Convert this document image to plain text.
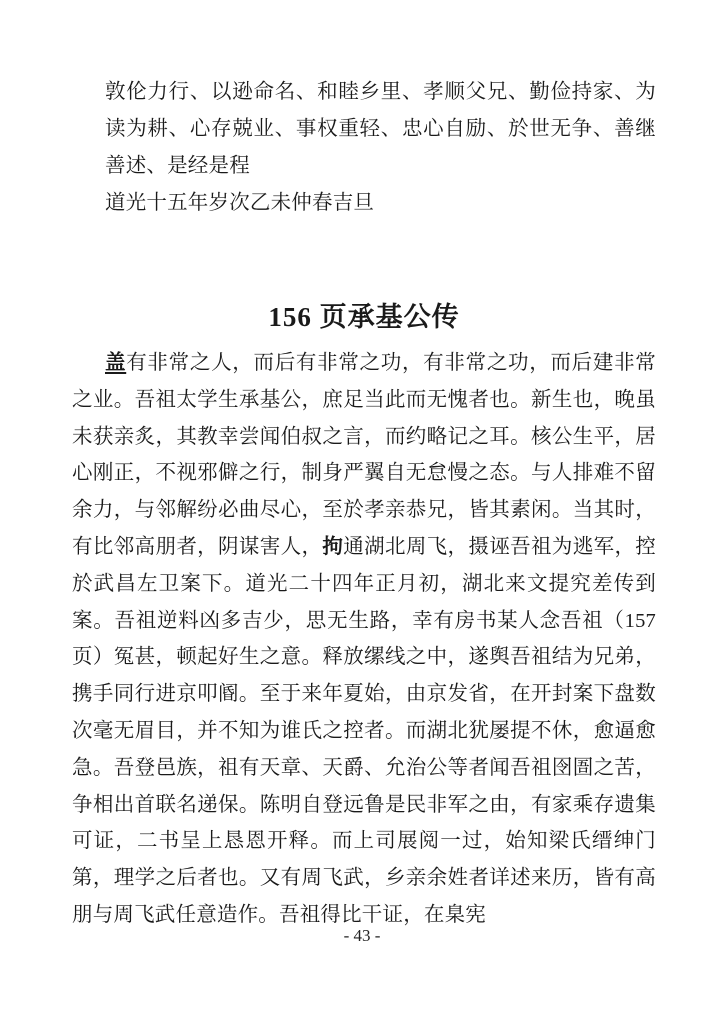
敦伦力行、以逊命名、和睦乡里、孝顺父兄、勤俭持家、为读为耕、心存兢业、事权重轻、忠心自励、於世无争、善继善述、是经是程

道光十五年岁次乙未仲春吉旦

156 页承基公传

盖有非常之人，而后有非常之功，有非常之功，而后建非常之业。吾祖太学生承基公，庶足当此而无愧者也。新生也，晚虽未获亲炙，其教幸尝闻伯叔之言，而约略记之耳。核公生平，居心刚正，不视邪僻之行，制身严翼自无怠慢之态。与人排难不留余力，与邻解纷必曲尽心，至於孝亲恭兄，皆其素闲。当其时，有比邻高朋者，阴谋害人，拘通湖北周飞，摄诬吾祖为逃军，控於武昌左卫案下。道光二十四年正月初，湖北来文提究差传到案。吾祖逆料凶多吉少，思无生路，幸有房书某人念吾祖（157 页）冤甚，顿起好生之意。释放缧线之中，遂舆吾祖结为兄弟，携手同行进京叩阍。至于来年夏始，由京发省，在开封案下盘数次毫无眉目，并不知为谁氏之控者。而湖北犹屡提不休，愈逼愈急。吾登邑族，祖有天章、天爵、允治公等者闻吾祖囹圄之苦，争相出首联名递保。陈明自登远鲁是民非军之由，有家乘存遗集可证，二书呈上恳恩开释。而上司展阅一过，始知梁氏缙绅门第，理学之后者也。又有周飞武，乡亲余姓者详述来历，皆有高朋与周飞武任意造作。吾祖得比干证，在臬宪

- 43 -
